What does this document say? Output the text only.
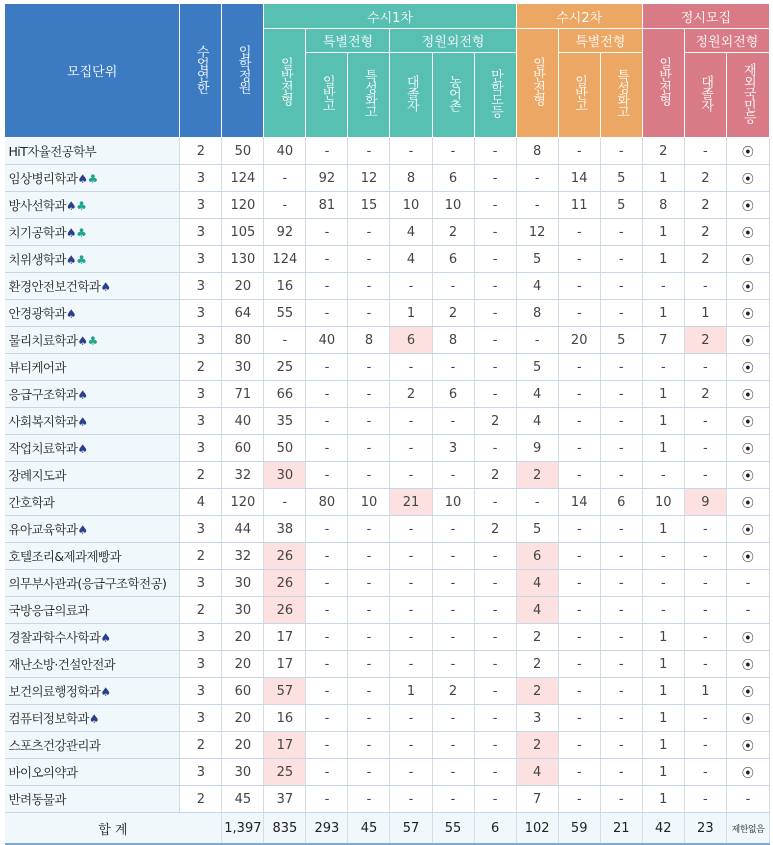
모집단위	수업연한	입학정원	수시1차						수시2차			정시모집		
			일반전형	특별전형		정원외전형			일반전형	특별전형		일반전형	정원외전형	
				일반고	특성화고	대졸자	농어촌	만학도등		일반고	특성화고		대졸자	재외국민등
HiT자율전공학부	2	50	40	-	-	-	-	-	8	-	-	2	-	⦿
임상병리학과♠♣	3	124	-	92	12	8	6	-	-	14	5	1	2	⦿
방사선학과♠♣	3	120	-	81	15	10	10	-	-	11	5	8	2	⦿
치기공학과♠♣	3	105	92	-	-	4	2	-	12	-	-	1	2	⦿
치위생학과♠♣	3	130	124	-	-	4	6	-	5	-	-	1	2	⦿
환경안전보건학과♠	3	20	16	-	-	-	-	-	4	-	-	-	-	⦿
안경광학과♠	3	64	55	-	-	1	2	-	8	-	-	1	1	⦿
물리치료학과♠♣	3	80	-	40	8	6	8	-	-	20	5	7	2	⦿
뷰티케어과	2	30	25	-	-	-	-	-	5	-	-	-	-	⦿
응급구조학과♠	3	71	66	-	-	2	6	-	4	-	-	1	2	⦿
사회복지학과♠	3	40	35	-	-	-	-	2	4	-	-	1	-	⦿
작업치료학과♠	3	60	50	-	-	-	3	-	9	-	-	1	-	⦿
장례지도과	2	32	30	-	-	-	-	2	2	-	-	-	-	⦿
간호학과	4	120	-	80	10	21	10	-	-	14	6	10	9	⦿
유아교육학과♠	3	44	38	-	-	-	-	2	5	-	-	1	-	⦿
호텔조리&제과제빵과	2	32	26	-	-	-	-	-	6	-	-	-	-	⦿
의무부사관과(응급구조학전공)	3	30	26	-	-	-	-	-	4	-	-	-	-	-
국방응급의료과	2	30	26	-	-	-	-	-	4	-	-	-	-	-
경찰과학수사학과♠	3	20	17	-	-	-	-	-	2	-	-	1	-	⦿
재난소방·건설안전과	3	20	17	-	-	-	-	-	2	-	-	1	-	⦿
보건의료행정학과♠	3	60	57	-	-	1	2	-	2	-	-	1	1	⦿
컴퓨터정보학과♠	3	20	16	-	-	-	-	-	3	-	-	1	-	⦿
스포츠건강관리과	2	20	17	-	-	-	-	-	2	-	-	1	-	⦿
바이오의약과	3	30	25	-	-	-	-	-	4	-	-	1	-	⦿
반려동물과	2	45	37	-	-	-	-	-	7	-	-	1	-	-
합 계		1,397	835	293	45	57	55	6	102	59	21	42	23	제한없음
